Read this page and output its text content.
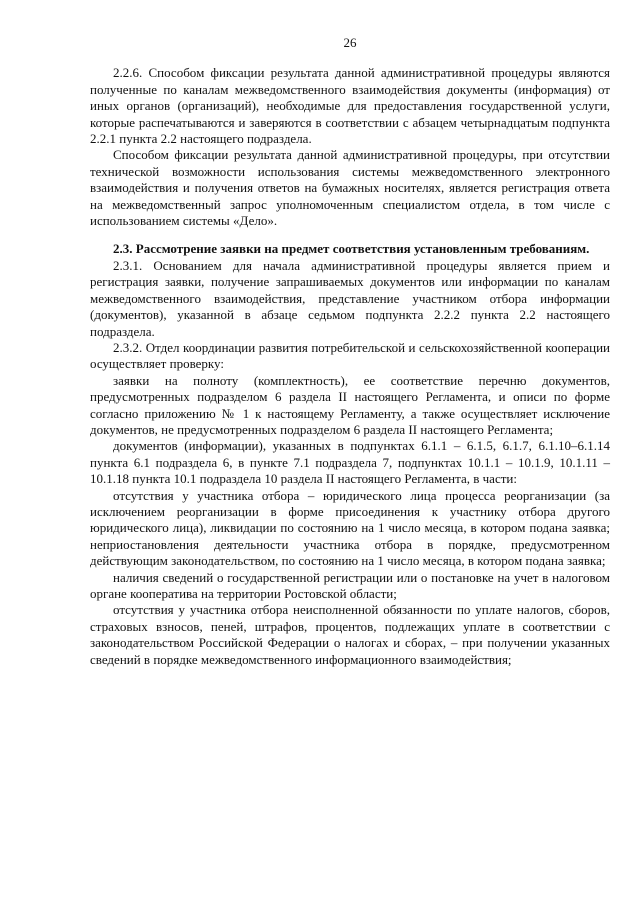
26

2.2.6. Способом фиксации результата данной административной процедуры являются полученные по каналам межведомственного взаимодействия документы (информация) от иных органов (организаций), необходимые для предоставления государственной услуги, которые распечатываются и заверяются в соответствии с абзацем четырнадцатым подпункта 2.2.1 пункта 2.2 настоящего подраздела.

Способом фиксации результата данной административной процедуры, при отсутствии технической возможности использования системы межведомственного электронного взаимодействия и получения ответов на бумажных носителях, является регистрация ответа на межведомственный запрос уполномоченным специалистом отдела, в том числе с использованием системы «Дело».

2.3. Рассмотрение заявки на предмет соответствия установленным требованиям.

2.3.1. Основанием для начала административной процедуры является прием и регистрация заявки, получение запрашиваемых документов или информации по каналам межведомственного взаимодействия, представление участником отбора информации (документов), указанной в абзаце седьмом подпункта 2.2.2 пункта 2.2 настоящего подраздела.

2.3.2. Отдел координации развития потребительской и сельскохозяйственной кооперации осуществляет проверку:

заявки на полноту (комплектность), ее соответствие перечню документов, предусмотренных подразделом 6 раздела II настоящего Регламента, и описи по форме согласно приложению № 1 к настоящему Регламенту, а также осуществляет исключение документов, не предусмотренных подразделом 6 раздела II настоящего Регламента;

документов (информации), указанных в подпунктах 6.1.1 – 6.1.5, 6.1.7, 6.1.10–6.1.14 пункта 6.1 подраздела 6, в пункте 7.1 подраздела 7, подпунктах 10.1.1 – 10.1.9, 10.1.11 – 10.1.18 пункта 10.1 подраздела 10 раздела II настоящего Регламента, в части:

отсутствия у участника отбора – юридического лица процесса реорганизации (за исключением реорганизации в форме присоединения к участнику отбора другого юридического лица), ликвидации по состоянию на 1 число месяца, в котором подана заявка; неприостановления деятельности участника отбора в порядке, предусмотренном действующим законодательством, по состоянию на 1 число месяца, в котором подана заявка;

наличия сведений о государственной регистрации или о постановке на учет в налоговом органе кооператива на территории Ростовской области;

отсутствия у участника отбора неисполненной обязанности по уплате налогов, сборов, страховых взносов, пеней, штрафов, процентов, подлежащих уплате в соответствии с законодательством Российской Федерации о налогах и сборах, – при получении указанных сведений в порядке межведомственного информационного взаимодействия;
